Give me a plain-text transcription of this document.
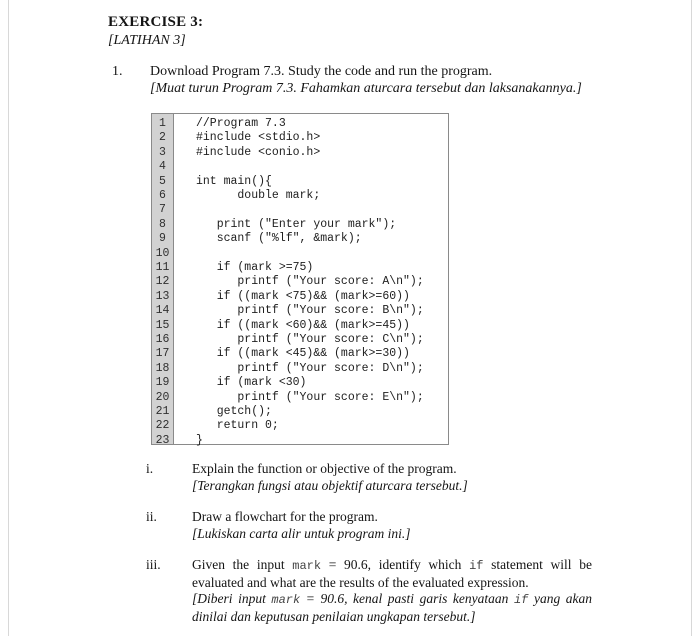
EXERCISE 3:
[LATIHAN 3]
1. Download Program 7.3. Study the code and run the program.
[Muat turun Program 7.3. Fahamkan aturcara tersebut dan laksanakannya.]
1	//Program 7.3
2	#include <stdio.h>
3	#include <conio.h>
4
5	int main(){
6	double mark;
7
8	print ("Enter your mark");
9	scanf ("%lf", &mark);
10
11	if (mark >=75)
12	printf ("Your score: A\n");
13	if ((mark <75)&& (mark>=60))
14	printf ("Your score: B\n");
15	if ((mark <60)&& (mark>=45))
16	printf ("Your score: C\n");
17	if ((mark <45)&& (mark>=30))
18	printf ("Your score: D\n");
19	if (mark <30)
20	printf ("Your score: E\n");
21	getch();
22	return 0;
23	}
i.	Explain the function or objective of the program.
[Terangkan fungsi atau objektif aturcara tersebut.]
ii.	Draw a flowchart for the program.
[Lukiskan carta alir untuk program ini.]
iii. Given the input mark = 90.6, identify which if statement will be evaluated and what are the results of the evaluated expression.
[Diberi input mark = 90.6, kenal pasti garis kenyataan if yang akan dinilai dan keputusan penilaian ungkapan tersebut.]
